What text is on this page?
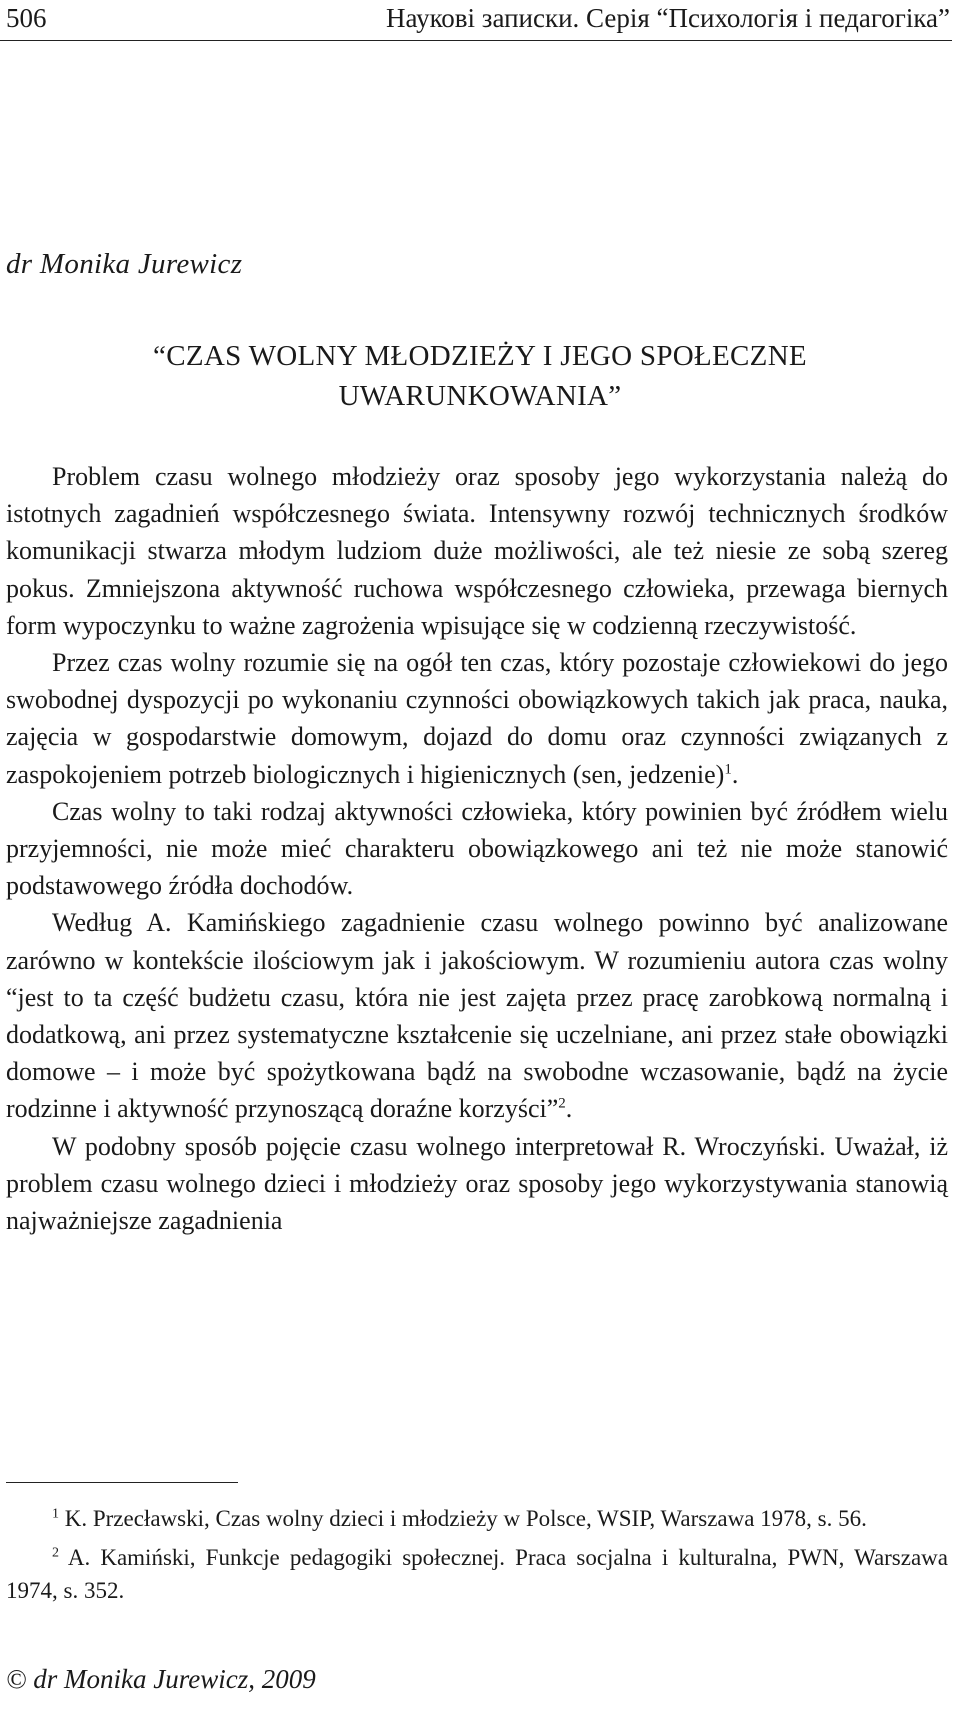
506	Наукові записки. Серія “Психологія і педагогіка”
dr Monika Jurewicz
“CZAS WOLNY MŁODZIEŻY I JEGO SPOŁECZNE UWARUNKOWANIA”

Problem czasu wolnego młodzieży oraz sposoby jego wykorzystania należą do istotnych zagadnień współczesnego świata. Intensywny rozwój technicznych środków komunikacji stwarza młodym ludziom duże możliwości, ale też niesie ze sobą szereg pokus. Zmniejszona aktywność ruchowa współczesnego człowieka, przewaga biernych form wypoczynku to ważne zagrożenia wpisujące się w codzienną rzeczywistość.

Przez czas wolny rozumie się na ogół ten czas, który pozostaje człowiekowi do jego swobodnej dyspozycji po wykonaniu czynności obowiązkowych takich jak praca, nauka, zajęcia w gospodarstwie domowym, dojazd do domu oraz czynności związanych z zaspokojeniem potrzeb biologicznych i higienicznych (sen, jedzenie)$^1$.

Czas wolny to taki rodzaj aktywności człowieka, który powinien być źródłem wielu przyjemności, nie może mieć charakteru obowiązkowego ani też nie może stanowić podstawowego źródła dochodów.

Według A. Kamińskiego zagadnienie czasu wolnego powinno być analizowane zarówno w kontekście ilościowym jak i jakościowym. W rozumieniu autora czas wolny “jest to ta część budżetu czasu, która nie jest zajęta przez pracę zarobkową normalną i dodatkową, ani przez systematyczne kształcenie się uczelniane, ani przez stałe obowiązki domowe – i może być spożytkowana bądź na swobodne wczasowanie, bądź na życie rodzinne i aktywność przynoszącą doraźne korzyści”$^2$.

W podobny sposób pojęcie czasu wolnego interpretował R. Wroczyński. Uważał, iż problem czasu wolnego dzieci i młodzieży oraz sposoby jego wykorzystywania stanowią najważniejsze zagadnienia

$^1$ K. Przecławski, Czas wolny dzieci i młodzieży w Polsce, WSIP, Warszawa 1978, s. 56.

$^2$ A. Kamiński, Funkcje pedagogiki społecznej. Praca socjalna i kulturalna, PWN, Warszawa 1974, s. 352.

© dr Monika Jurewicz, 2009
